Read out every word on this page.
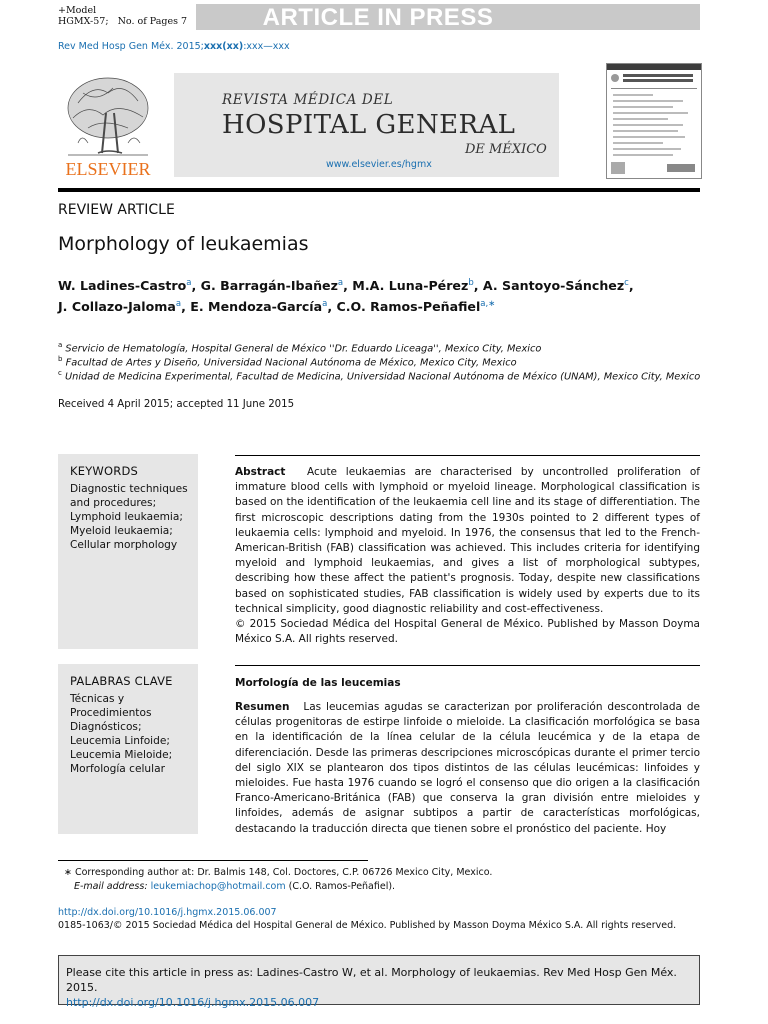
+Model
HGMX-57; No. of Pages 7	ARTICLE IN PRESS
Rev Med Hosp Gen Méx. 2015;xxx(xx):xxx—xxx
ELSEVIER
REVISTA MÉDICA DEL
HOSPITAL GENERAL
DE MÉXICO
www.elsevier.es/hgmx
REVIEW ARTICLE
Morphology of leukaemias
W. Ladines-Castro$^a$, G. Barragán-Ibañez$^a$, M.A. Luna-Pérez$^b$, A. Santoyo-Sánchez$^c$,
J. Collazo-Jaloma$^a$, E. Mendoza-García$^a$, C.O. Ramos-Peñafiel$^{a,∗}$
$^a$ Servicio de Hematología, Hospital General de México ''Dr. Eduardo Liceaga'', Mexico City, Mexico
$^b$ Facultad de Artes y Diseño, Universidad Nacional Autónoma de México, Mexico City, Mexico
$^c$ Unidad de Medicina Experimental, Facultad de Medicina, Universidad Nacional Autónoma de México (UNAM), Mexico City, Mexico
Received 4 April 2015; accepted 11 June 2015
KEYWORDS
Diagnostic techniques
and procedures;
Lymphoid leukaemia;
Myeloid leukaemia;
Cellular morphology
Abstract Acute leukaemias are characterised by uncontrolled proliferation of immature blood cells with lymphoid or myeloid lineage. Morphological classification is based on the identification of the leukaemia cell line and its stage of differentiation. The first microscopic descriptions dating from the 1930s pointed to 2 different types of leukaemia cells: lymphoid and myeloid. In 1976, the consensus that led to the French-American-British (FAB) classification was achieved. This includes criteria for identifying myeloid and lymphoid leukaemias, and gives a list of morphological subtypes, describing how these affect the patient's prognosis. Today, despite new classifications based on sophisticated studies, FAB classification is widely used by experts due to its technical simplicity, good diagnostic reliability and cost-effectiveness.
© 2015 Sociedad Médica del Hospital General de México. Published by Masson Doyma México S.A. All rights reserved.
PALABRAS CLAVE
Técnicas y
Procedimientos
Diagnósticos;
Leucemia Linfoide;
Leucemia Mieloide;
Morfología celular
Morfología de las leucemias
Resumen Las leucemias agudas se caracterizan por proliferación descontrolada de células progenitoras de estirpe linfoide o mieloide. La clasificación morfológica se basa en la identificación de la línea celular de la célula leucémica y de la etapa de diferenciación. Desde las primeras descripciones microscópicas durante el primer tercio del siglo XIX se plantearon dos tipos distintos de las células leucémicas: linfoides y mieloides. Fue hasta 1976 cuando se logró el consenso que dio origen a la clasificación Franco-Americano-Británica (FAB) que conserva la gran división entre mieloides y linfoides, además de asignar subtipos a partir de características morfológicas, destacando la traducción directa que tienen sobre el pronóstico del paciente. Hoy
∗ Corresponding author at: Dr. Balmis 148, Col. Doctores, C.P. 06726 Mexico City, Mexico.
E-mail address: leukemiachop@hotmail.com (C.O. Ramos-Peñafiel).
http://dx.doi.org/10.1016/j.hgmx.2015.06.007
0185-1063/© 2015 Sociedad Médica del Hospital General de México. Published by Masson Doyma México S.A. All rights reserved.
Please cite this article in press as: Ladines-Castro W, et al. Morphology of leukaemias. Rev Med Hosp Gen Méx. 2015.
http://dx.doi.org/10.1016/j.hgmx.2015.06.007
